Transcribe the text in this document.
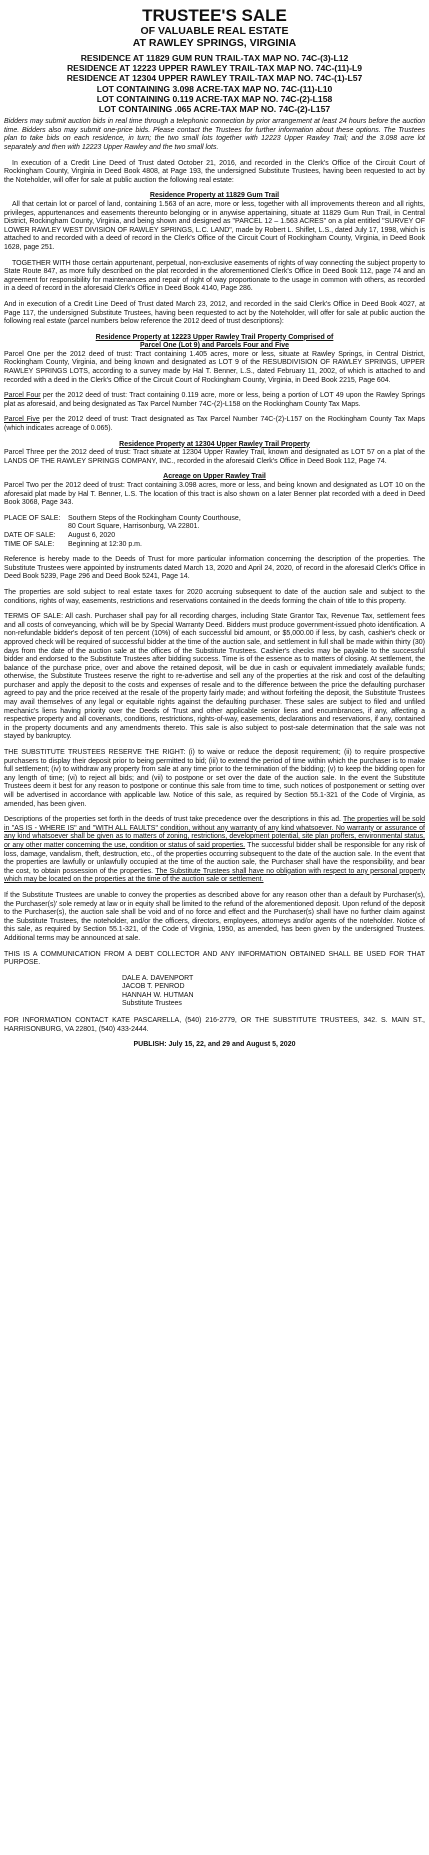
TRUSTEE'S SALE
OF VALUABLE REAL ESTATE
AT RAWLEY SPRINGS, VIRGINIA
RESIDENCE AT 11829 GUM RUN TRAIL-TAX MAP NO. 74C-(3)-L12
RESIDENCE AT 12223 UPPER RAWLEY TRAIL-TAX MAP NO. 74C-(11)-L9
RESIDENCE AT 12304 UPPER RAWLEY TRAIL-TAX MAP NO. 74C-(1)-L57
LOT CONTAINING 3.098 ACRE-TAX MAP NO. 74C-(11)-L10
LOT CONTAINING 0.119 ACRE-TAX MAP NO. 74C-(2)-L158
LOT CONTAINING .065 ACRE-TAX MAP NO. 74C-(2)-L157

Bidders may submit auction bids in real time through a telephonic connection by prior arrangement at least 24 hours before the auction time. Bidders also may submit one-price bids. Please contact the Trustees for further information about these options. The Trustees plan to take bids on each residence, in turn; the two small lots together with 12223 Upper Rawley Trail; and the 3.098 acre lot separately and then with 12223 Upper Rawley and the two small lots.

In execution of a Credit Line Deed of Trust dated October 21, 2016, and recorded in the Clerk's Office of the Circuit Court of Rockingham County, Virginia in Deed Book 4808, at Page 193, the undersigned Substitute Trustees, having been requested to act by the Noteholder, will offer for sale at public auction the following real estate:

Residence Property at 11829 Gum Trail

All that certain lot or parcel of land, containing 1.563 of an acre, more or less, together with all improvements thereon and all rights, privileges, appurtenances and easements thereunto belonging or in anywise appertaining, situate at 11829 Gum Run Trail, in Central District, Rockingham County, Virginia, and being shown and designed as "PARCEL 12 – 1.563 ACRES" on a plat entitled "SURVEY OF LOWER RAWLEY WEST DIVISION OF RAWLEY SPRINGS, L.C. LAND", made by Robert L. Shiflet, L.S., dated July 17, 1998, which is attached to and recorded with a deed of record in the Clerk's Office of the Circuit Court of Rockingham County, Virginia, in Deed Book 1628, page 251.

TOGETHER WITH those certain appurtenant, perpetual, non-exclusive easements of rights of way connecting the subject property to State Route 847, as more fully described on the plat recorded in the aforementioned Clerk's Office in Deed Book 112, page 74 and an agreement for responsibility for maintenances and repair of right of way proportionate to the usage in common with others, as recorded in a deed of record in the aforesaid Clerk's Office in Deed Book 4140, Page 286.

And in execution of a Credit Line Deed of Trust dated March 23, 2012, and recorded in the said Clerk's Office in Deed Book 4027, at Page 117, the undersigned Substitute Trustees, having been requested to act by the Noteholder, will offer for sale at public auction the following real estate (parcel numbers below reference the 2012 deed of trust descriptions):

Residence Property at 12223 Upper Rawley Trail Property Comprised of
Parcel One (Lot 9) and Parcels Four and Five

Parcel One per the 2012 deed of trust: Tract containing 1.405 acres, more or less, situate at Rawley Springs, in Central District, Rockingham County, Virginia, and being known and designated as LOT 9 of the RESUBDIVISION OF RAWLEY SPRINGS, UPPER RAWLEY SPRINGS LOTS, according to a survey made by Hal T. Benner, L.S., dated February 11, 2002, of which is attached to and recorded with a deed in the Clerk's Office of the Circuit Court of Rockingham County, Virginia, in Deed Book 2215, Page 604.

Parcel Four per the 2012 deed of trust: Tract containing 0.119 acre, more or less, being a portion of LOT 49 upon the Rawley Springs plat as aforesaid, and being designated as Tax Parcel Number 74C-(2)-L158 on the Rockingham County Tax Maps.

Parcel Five per the 2012 deed of trust: Tract designated as Tax Parcel Number 74C-(2)-L157 on the Rockingham County Tax Maps (which indicates acreage of 0.065).

Residence Property at 12304 Upper Rawley Trail Property

Parcel Three per the 2012 deed of trust: Tract situate at 12304 Upper Rawley Trail, known and designated as LOT 57 on a plat of the LANDS OF THE RAWLEY SPRINGS COMPANY, INC., recorded in the aforesaid Clerk's Office in Deed Book 112, Page 74.

Acreage on Upper Rawley Trail

Parcel Two per the 2012 deed of trust: Tract containing 3.098 acres, more or less, and being known and designated as LOT 10 on the aforesaid plat made by Hal T. Benner, L.S. The location of this tract is also shown on a later Benner plat recorded with a deed in Deed Book 3068, Page 343.

PLACE OF SALE:	Southern Steps of the Rockingham County Courthouse,
80 Court Square, Harrisonburg, VA 22801.

DATE OF SALE:	August 6, 2020
TIME OF SALE:	Beginning at 12:30 p.m.

Reference is hereby made to the Deeds of Trust for more particular information concerning the description of the properties. The Substitute Trustees were appointed by instruments dated March 13, 2020 and April 24, 2020, of record in the aforesaid Clerk's Office in Deed Book 5239, Page 296 and Deed Book 5241, Page 14.

The properties are sold subject to real estate taxes for 2020 accruing subsequent to date of the auction sale and subject to the conditions, rights of way, easements, restrictions and reservations contained in the deeds forming the chain of title to this property.

TERMS OF SALE: All cash. Purchaser shall pay for all recording charges, including State Grantor Tax, Revenue Tax, settlement fees and all costs of conveyancing, which will be by Special Warranty Deed. Bidders must produce government-issued photo identification. A non-refundable bidder's deposit of ten percent (10%) of each successful bid amount, or $5,000.00 if less, by cash, cashier's check or approved check will be required of successful bidder at the time of the auction sale, and settlement in full shall be made within thirty (30) days from the date of the auction sale at the offices of the Substitute Trustees. Cashier's checks may be payable to the successful bidder and endorsed to the Substitute Trustees after bidding success. Time is of the essence as to matters of closing. At settlement, the balance of the purchase price, over and above the retained deposit, will be due in cash or equivalent immediately available funds; otherwise, the Substitute Trustees reserve the right to re-advertise and sell any of the properties at the risk and cost of the defaulting purchaser and apply the deposit to the costs and expenses of resale and to the difference between the price the defaulting purchaser agreed to pay and the price received at the resale of the property fairly made; and without forfeiting the deposit, the Substitute Trustees may avail themselves of any legal or equitable rights against the defaulting purchaser. These sales are subject to filed and unfiled mechanic's liens having priority over the Deeds of Trust and other applicable senior liens and encumbrances, if any, affecting a respective property and all covenants, conditions, restrictions, rights-of-way, easements, declarations and reservations, if any, contained in the property documents and any amendments thereto. This sale is also subject to post-sale determination that the sale was not stayed by bankruptcy.

THE SUBSTITUTE TRUSTEES RESERVE THE RIGHT: (i) to waive or reduce the deposit requirement; (ii) to require prospective purchasers to display their deposit prior to being permitted to bid; (iii) to extend the period of time within which the purchaser is to make full settlement; (iv) to withdraw any property from sale at any time prior to the termination of the bidding; (v) to keep the bidding open for any length of time; (vi) to reject all bids; and (vii) to postpone or set over the date of the auction sale. In the event the Substitute Trustees deem it best for any reason to postpone or continue this sale from time to time, such notices of postponement or setting over will be advertised in accordance with applicable law. Notice of this sale, as required by Section 55.1-321 of the Code of Virginia, as amended, has been given.

Descriptions of the properties set forth in the deeds of trust take precedence over the descriptions in this ad. The properties will be sold in "AS IS - WHERE IS" and "WITH ALL FAULTS" condition, without any warranty of any kind whatsoever. No warranty or assurance of any kind whatsoever shall be given as to matters of zoning, restrictions, development potential, site plan proffers, environmental status, or any other matter concerning the use, condition or status of said properties. The successful bidder shall be responsible for any risk of loss, damage, vandalism, theft, destruction, etc., of the properties occurring subsequent to the date of the auction sale. In the event that the properties are lawfully or unlawfully occupied at the time of the auction sale, the Purchaser shall have the responsibility, and bear the cost, to obtain possession of the properties. The Substitute Trustees shall have no obligation with respect to any personal property which may be located on the properties at the time of the auction sale or settlement.

If the Substitute Trustees are unable to convey the properties as described above for any reason other than a default by Purchaser(s), the Purchaser(s)' sole remedy at law or in equity shall be limited to the refund of the aforementioned deposit. Upon refund of the deposit to the Purchaser(s), the auction sale shall be void and of no force and effect and the Purchaser(s) shall have no further claim against the Substitute Trustees, the noteholder, and/or the officers, directors, employees, attorneys and/or agents of the noteholder. Notice of this sale, as required by Section 55.1-321, of the Code of Virginia, 1950, as amended, has been given by the undersigned Trustees. Additional terms may be announced at sale.

THIS IS A COMMUNICATION FROM A DEBT COLLECTOR AND ANY INFORMATION OBTAINED SHALL BE USED FOR THAT PURPOSE.

DALE A. DAVENPORT
JACOB T. PENROD
HANNAH W. HUTMAN
Substitute Trustees

FOR INFORMATION CONTACT KATE PASCARELLA, (540) 216-2779, OR THE SUBSTITUTE TRUSTEES, 342. S. MAIN ST., HARRISONBURG, VA 22801, (540) 433-2444.

PUBLISH: July 15, 22, and 29 and August 5, 2020
